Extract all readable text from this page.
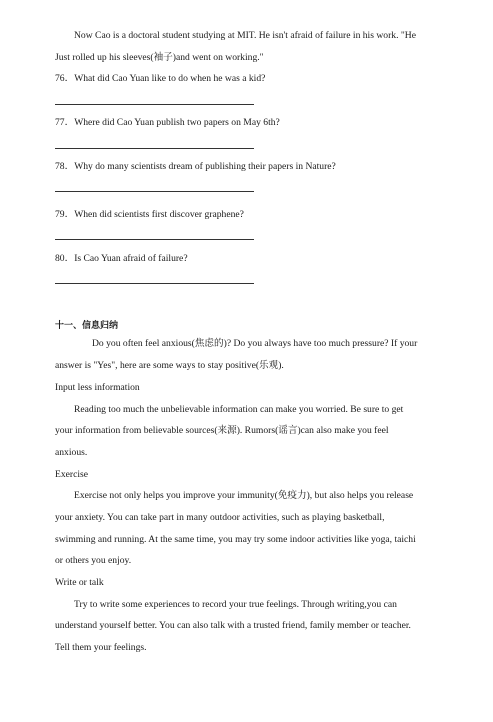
Now Cao is a doctoral student studying at MIT. He isn't afraid of failure in his work. "He
Just rolled up his sleeves(袖子)and went on working."
76．What did Cao Yuan like to do when he was a kid?
77．Where did Cao Yuan publish two papers on May 6th?
78．Why do many scientists dream of publishing their papers in Nature?
79．When did scientists first discover graphene?
80．Is Cao Yuan afraid of failure?
十一、信息归纳
Do you often feel anxious(焦虑的)? Do you always have too much pressure? If your
answer is "Yes", here are some ways to stay positive(乐观).
Input less information
Reading too much the unbelievable information can make you worried. Be sure to get
your information from believable sources(来源). Rumors(谣言)can also make you feel
anxious.
Exercise
Exercise not only helps you improve your immunity(免疫力), but also helps you release
your anxiety. You can take part in many outdoor activities, such as playing basketball,
swimming and running. At the same time, you may try some indoor activities like yoga, taichi
or others you enjoy.
Write or talk
Try to write some experiences to record your true feelings. Through writing,you can
understand yourself better. You can also talk with a trusted friend, family member or teacher.
Tell them your feelings.
